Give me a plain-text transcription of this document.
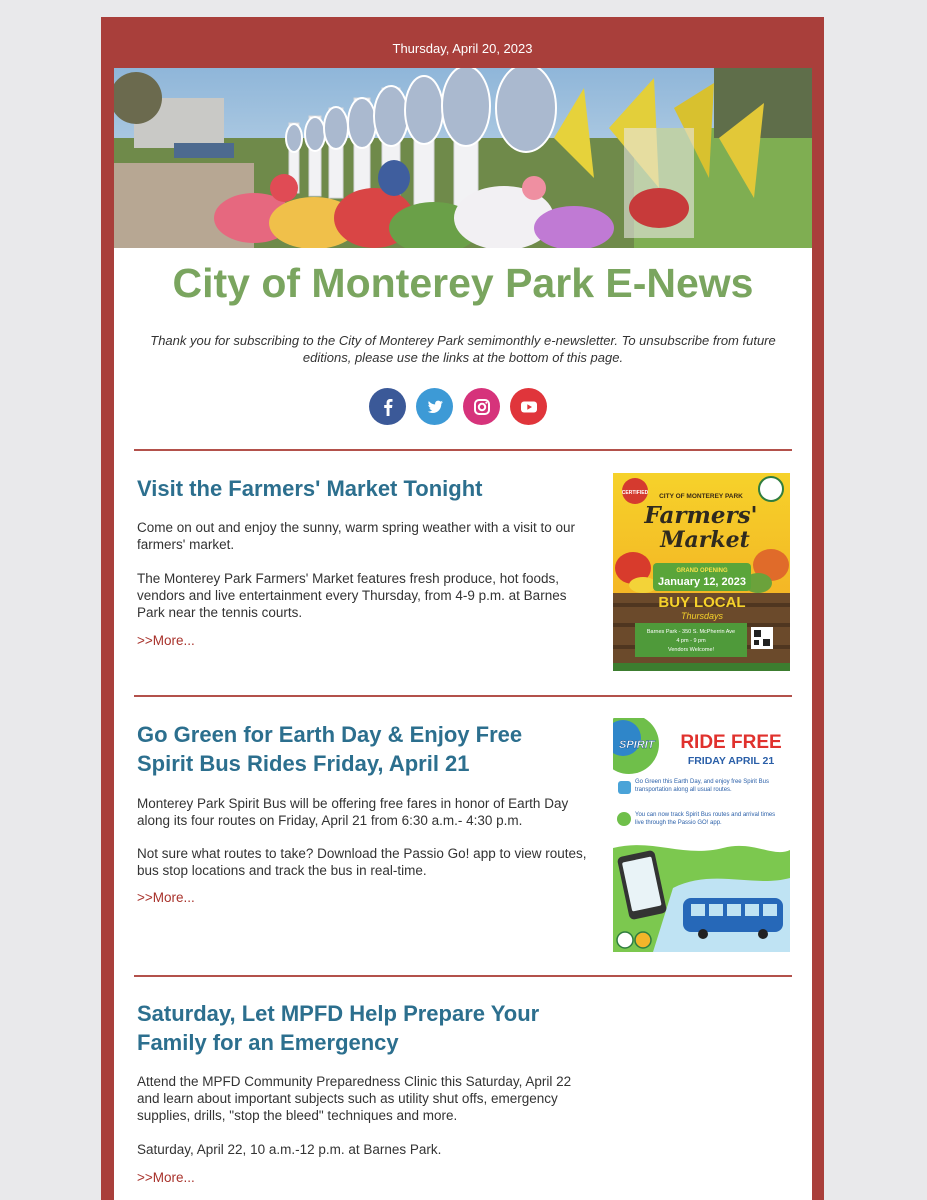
Thursday, April 20, 2023
City of Monterey Park E-News

Thank you for subscribing to the City of Monterey Park semimonthly e-newsletter. To unsubscribe from future editions, please use the links at the bottom of this page.

Visit the Farmers' Market Tonight

Come on out and enjoy the sunny, warm spring weather with a visit to our farmers' market.

The Monterey Park Farmers' Market features fresh produce, hot foods, vendors and live entertainment every Thursday, from 4-9 p.m. at Barnes Park near the tennis courts.

>>More...
CERTIFIED CITY OF MONTEREY PARK
Farmers'
Market
GRAND OPENING
January 12, 2023
BUY LOCAL
Thursdays
Barnes Park - 350 S. McPherrin Ave
4 pm - 9 pm
Vendors Welcome!
Go Green for Earth Day & Enjoy Free Spirit Bus Rides Friday, April 21

Monterey Park Spirit Bus will be offering free fares in honor of Earth Day along its four routes on Friday, April 21 from 6:30 a.m.- 4:30 p.m.

Not sure what routes to take? Download the Passio Go! app to view routes, bus stop locations and track the bus in real-time.

>>More...
SPIRIT RIDE FREE
FRIDAY APRIL 21
Go Green this Earth Day, and enjoy free Spirit Bus transportation along all usual routes.
You can now track Spirit Bus routes and arrival times live through the Passio GO! app.
Saturday, Let MPFD Help Prepare Your Family for an Emergency

Attend the MPFD Community Preparedness Clinic this Saturday, April 22 and learn about important subjects such as utility shut offs, emergency supplies, drills, "stop the bleed" techniques and more.

Saturday, April 22, 10 a.m.-12 p.m. at Barnes Park.

>>More...
